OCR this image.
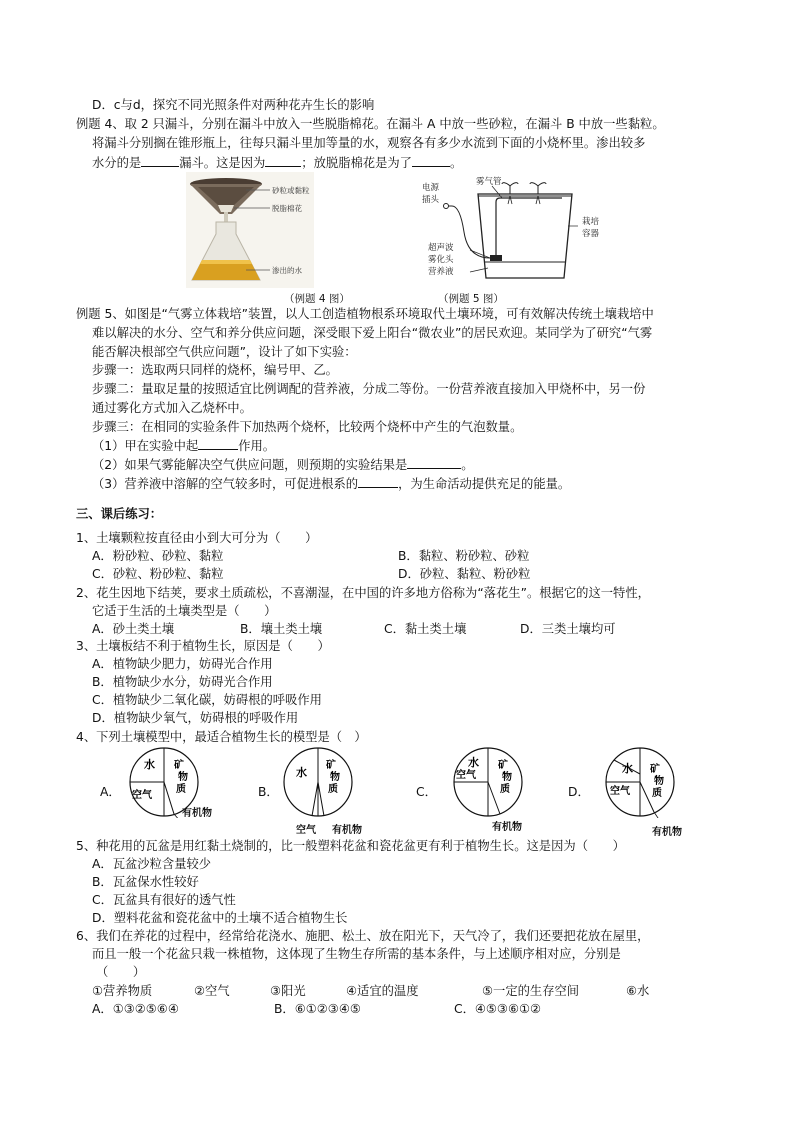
D．c与d，探究不同光照条件对两种花卉生长的影响
例题 4、取 2 只漏斗，分别在漏斗中放入一些脱脂棉花。在漏斗 A 中放一些砂粒，在漏斗 B 中放一些黏粒。
将漏斗分别搁在锥形瓶上，往每只漏斗里加等量的水，观察各有多少水流到下面的小烧杯里。渗出较多
水分的是	漏斗。这是因为	；放脱脂棉花是为了	。
砂粒或黏粒
脱脂棉花
渗出的水
电源
插头
雾气管
栽培
容器
超声波
雾化头
营养液
（例题 4 图）	（例题 5 图）
例题 5、如图是“气雾立体栽培”装置，以人工创造植物根系环境取代土壤环境，可有效解决传统土壤栽培中
难以解决的水分、空气和养分供应问题，深受眼下爱上阳台“微农业”的居民欢迎。某同学为了研究“气雾
能否解决根部空气供应问题”，设计了如下实验：
步骤一：选取两只同样的烧杯，编号甲、乙。
步骤二：量取足量的按照适宜比例调配的营养液，分成二等份。一份营养液直接加入甲烧杯中，另一份
通过雾化方式加入乙烧杯中。
步骤三：在相同的实验条件下加热两个烧杯，比较两个烧杯中产生的气泡数量。
（1）甲在实验中起	作用。
（2）如果气雾能解决空气供应问题，则预期的实验结果是	。
（3）营养液中溶解的空气较多时，可促进根系的	，为生命活动提供充足的能量。
三、课后练习：
1、土壤颗粒按直径由小到大可分为（　　）
A．粉砂粒、砂粒、黏粒	B．黏粒、粉砂粒、砂粒
C．砂粒、粉砂粒、黏粒	D．砂粒、黏粒、粉砂粒
2、花生因地下结荚，要求土质疏松，不喜潮湿，在中国的许多地方俗称为“落花生”。根据它的这一特性，
它适于生活的土壤类型是（　　）
A．砂土类土壤	B．壤土类土壤	C．黏土类土壤	D．三类土壤均可
3、土壤板结不利于植物生长，原因是（　　）
A．植物缺少肥力，妨碍光合作用
B．植物缺少水分，妨碍光合作用
C．植物缺少二氧化碳，妨碍根的呼吸作用
D．植物缺少氧气，妨碍根的呼吸作用
4、下列土壤模型中，最适合植物生长的模型是（　）
A．	B．	C．	D．
水
空气
矿
物
质
有机物
水
矿
物
质
空气 有机物
水
空气
矿
物
质
有机物
水
空气
矿
物
质
有机物
5、种花用的瓦盆是用红黏土烧制的，比一般塑料花盆和瓷花盆更有利于植物生长。这是因为（　　）
A．瓦盆沙粒含量较少
B．瓦盆保水性较好
C．瓦盆具有很好的透气性
D．塑料花盆和瓷花盆中的土壤不适合植物生长
6、我们在养花的过程中，经常给花浇水、施肥、松土、放在阳光下，天气冷了，我们还要把花放在屋里，
而且一般一个花盆只栽一株植物，这体现了生物生存所需的基本条件，与上述顺序相对应，分别是
（　　）
①营养物质	②空气	③阳光	④适宜的温度	⑤一定的生存空间	⑥水
A．①③②⑤⑥④	B．⑥①②③④⑤	C．④⑤③⑥①②
